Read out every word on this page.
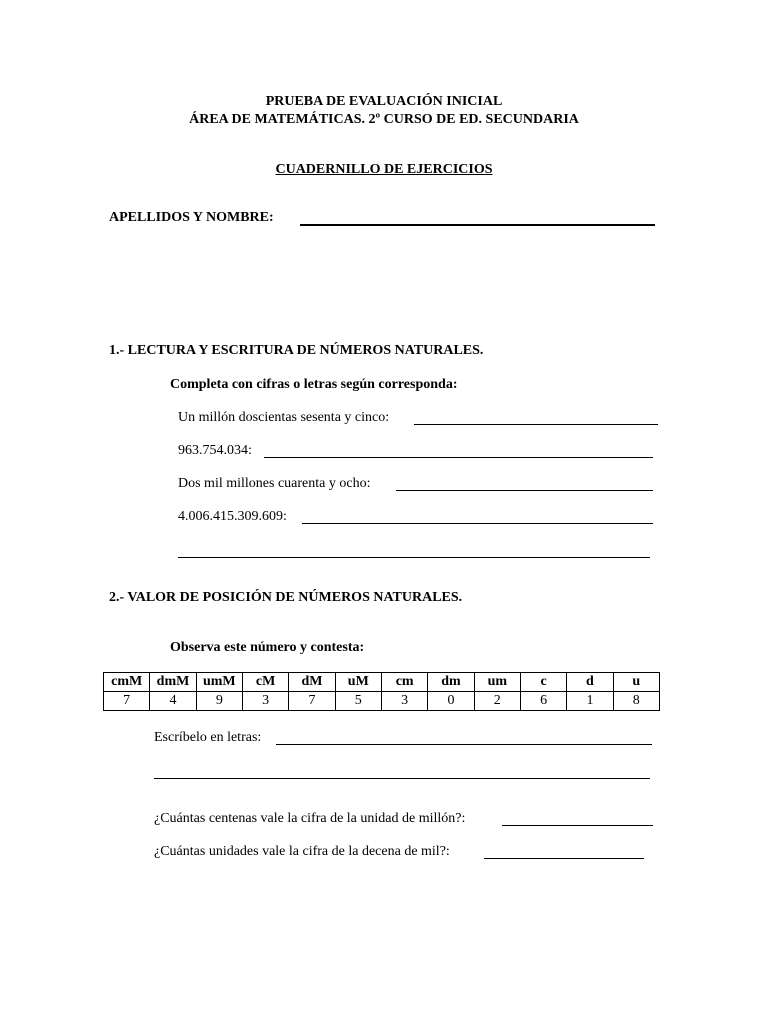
PRUEBA DE EVALUACIÓN INICIAL
ÁREA DE MATEMÁTICAS. 2º CURSO DE ED. SECUNDARIA
CUADERNILLO DE EJERCICIOS
APELLIDOS Y NOMBRE:
1.- LECTURA Y ESCRITURA DE NÚMEROS NATURALES.
Completa con cifras o letras según corresponda:
Un millón doscientas sesenta y cinco:
963.754.034:
Dos mil millones cuarenta y ocho:
4.006.415.309.609:
2.- VALOR DE POSICIÓN DE NÚMEROS NATURALES.
Observa este número y contesta:
cmM	dmM	umM	cM	dM	uM	cm	dm	um	c	d	u
7	4	9	3	7	5	3	0	2	6	1	8
Escríbelo en letras:
¿Cuántas centenas vale la cifra de la unidad de millón?:
¿Cuántas unidades vale la cifra de la decena de mil?:
